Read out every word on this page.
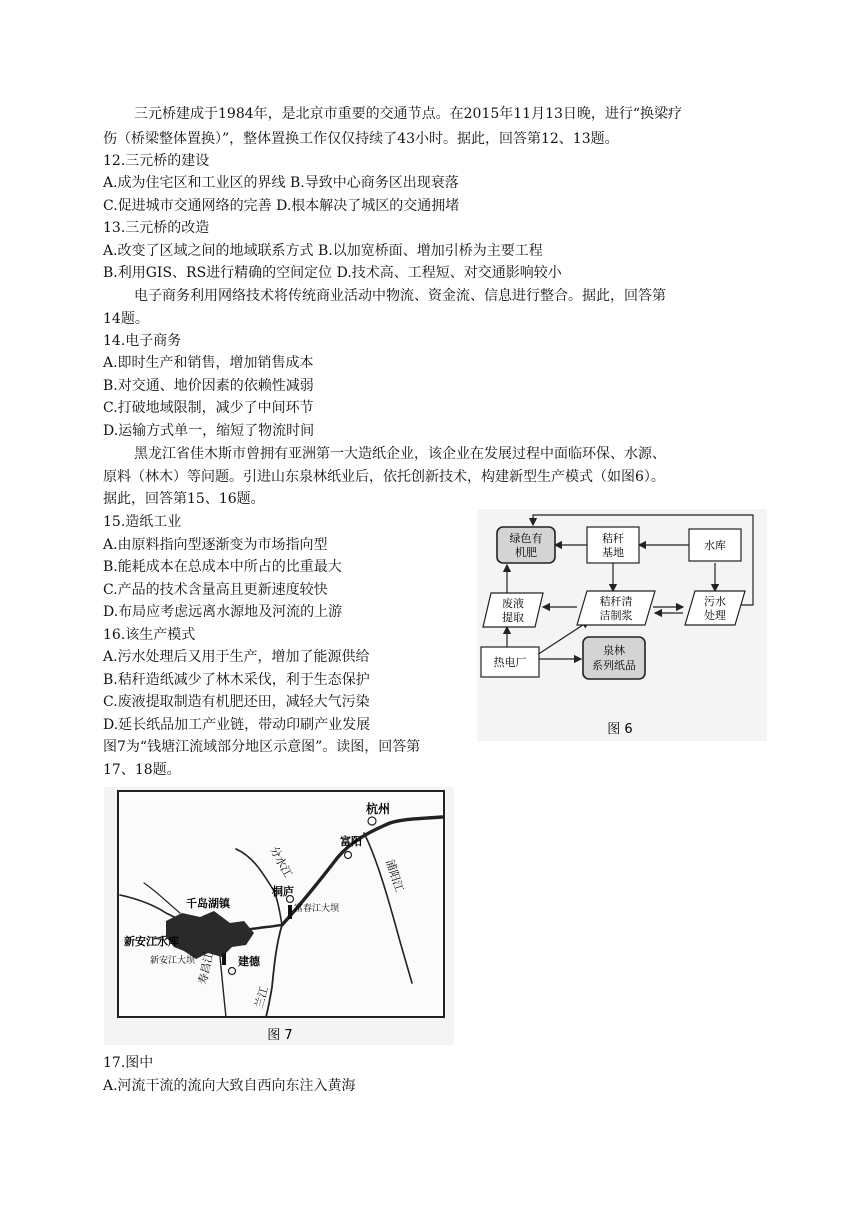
三元桥建成于1984年，是北京市重要的交通节点。在2015年11月13日晚，进行“换梁疗
伤（桥梁整体置换）”，整体置换工作仅仅持续了43小时。据此，回答第12、13题。
12.三元桥的建设
A.成为住宅区和工业区的界线 B.导致中心商务区出现衰落
C.促进城市交通网络的完善 D.根本解决了城区的交通拥堵
13.三元桥的改造
A.改变了区域之间的地域联系方式 B.以加宽桥面、增加引桥为主要工程
B.利用GIS、RS进行精确的空间定位 D.技术高、工程短、对交通影响较小
电子商务利用网络技术将传统商业活动中物流、资金流、信息进行整合。据此，回答第
14题。
14.电子商务
A.即时生产和销售，增加销售成本
B.对交通、地价因素的依赖性减弱
C.打破地域限制，减少了中间环节
D.运输方式单一，缩短了物流时间
黑龙江省佳木斯市曾拥有亚洲第一大造纸企业，该企业在发展过程中面临环保、水源、
原料（林木）等问题。引进山东泉林纸业后，依托创新技术，构建新型生产模式（如图6）。
据此，回答第15、16题。
15.造纸工业
A.由原料指向型逐渐变为市场指向型
B.能耗成本在总成本中所占的比重最大
C.产品的技术含量高且更新速度较快
D.布局应考虑远离水源地及河流的上游
16.该生产模式
A.污水处理后又用于生产，增加了能源供给
B.秸秆造纸减少了林木采伐，利于生态保护
C.废液提取制造有机肥还田，减轻大气污染
D.延长纸品加工产业链，带动印刷产业发展
图7为“钱塘江流域部分地区示意图”。读图，回答第
17、18题。
17.图中
A.河流干流的流向大致自西向东注入黄海
绿色有
机肥
秸秆
基地
水库
废液
提取
秸秆清
洁制浆
污水
处理
热电厂
泉林
系列纸品
图 6
杭州
富阳
桐庐
富春江大坝
千岛湖镇
新安江水库
新安江大坝	建德
分水江	浦阳江
寿昌江
兰江
图 7
